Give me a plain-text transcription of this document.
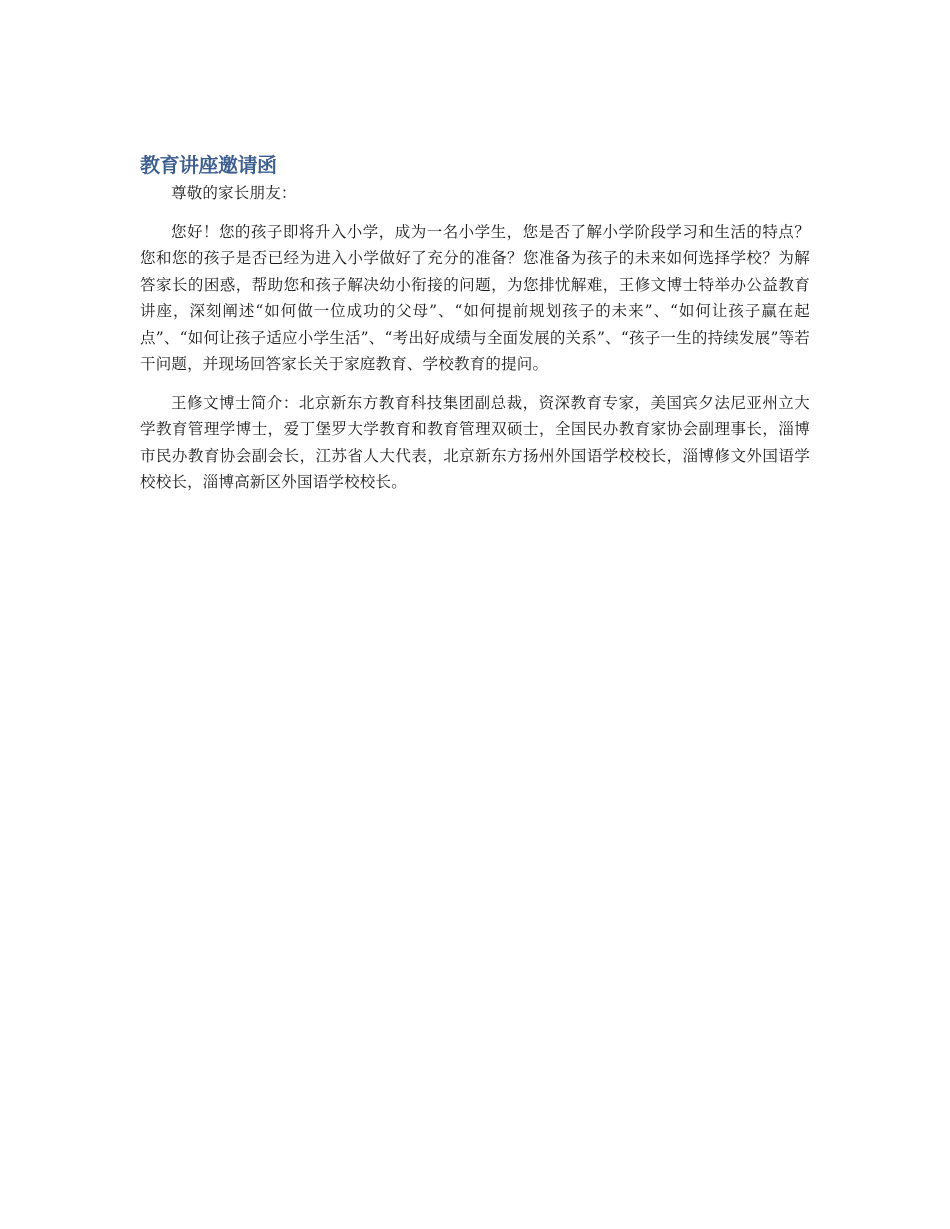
教育讲座邀请函

尊敬的家长朋友：

您好！您的孩子即将升入小学，成为一名小学生，您是否了解小学阶段学习和生活的特点？您和您的孩子是否已经为进入小学做好了充分的准备？您准备为孩子的未来如何选择学校？为解答家长的困惑，帮助您和孩子解决幼小衔接的问题，为您排忧解难，王修文博士特举办公益教育讲座，深刻阐述“如何做一位成功的父母”、“如何提前规划孩子的未来”、“如何让孩子赢在起点”、“如何让孩子适应小学生活”、“考出好成绩与全面发展的关系”、“孩子一生的持续发展”等若干问题，并现场回答家长关于家庭教育、学校教育的提问。

王修文博士简介：北京新东方教育科技集团副总裁，资深教育专家，美国宾夕法尼亚州立大学教育管理学博士，爱丁堡罗大学教育和教育管理双硕士，全国民办教育家协会副理事长，淄博市民办教育协会副会长，江苏省人大代表，北京新东方扬州外国语学校校长，淄博修文外国语学校校长，淄博高新区外国语学校校长。
